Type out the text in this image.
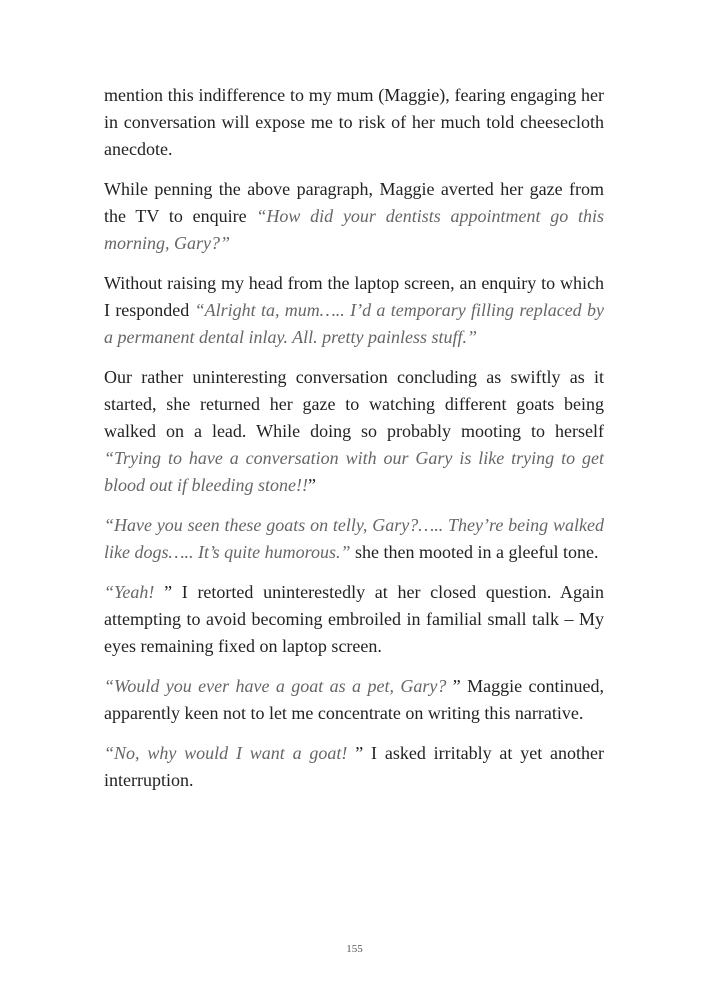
mention this indifference to my mum (Maggie), fearing engaging her in conversation will expose me to risk of her much told cheesecloth anecdote.

While penning the above paragraph, Maggie averted her gaze from the TV to enquire “How did your dentists appointment go this morning, Gary?”

Without raising my head from the laptop screen, an enquiry to which I responded “Alright ta, mum….. I’d a temporary filling replaced by a permanent dental inlay. All. pretty painless stuff.”

Our rather uninteresting conversation concluding as swiftly as it started, she returned her gaze to watching different goats being walked on a lead. While doing so probably mooting to herself “Trying to have a conversation with our Gary is like trying to get blood out if bleeding stone!!”

“Have you seen these goats on telly, Gary?….. They’re being walked like dogs….. It’s quite humorous.” she then mooted in a gleeful tone.

“Yeah! ” I retorted uninterestedly at her closed question. Again attempting to avoid becoming embroiled in familial small talk – My eyes remaining fixed on laptop screen.

“Would you ever have a goat as a pet, Gary? ” Maggie continued, apparently keen not to let me concentrate on writing this narrative.

“No, why would I want a goat! ” I asked irritably at yet another interruption.

155
